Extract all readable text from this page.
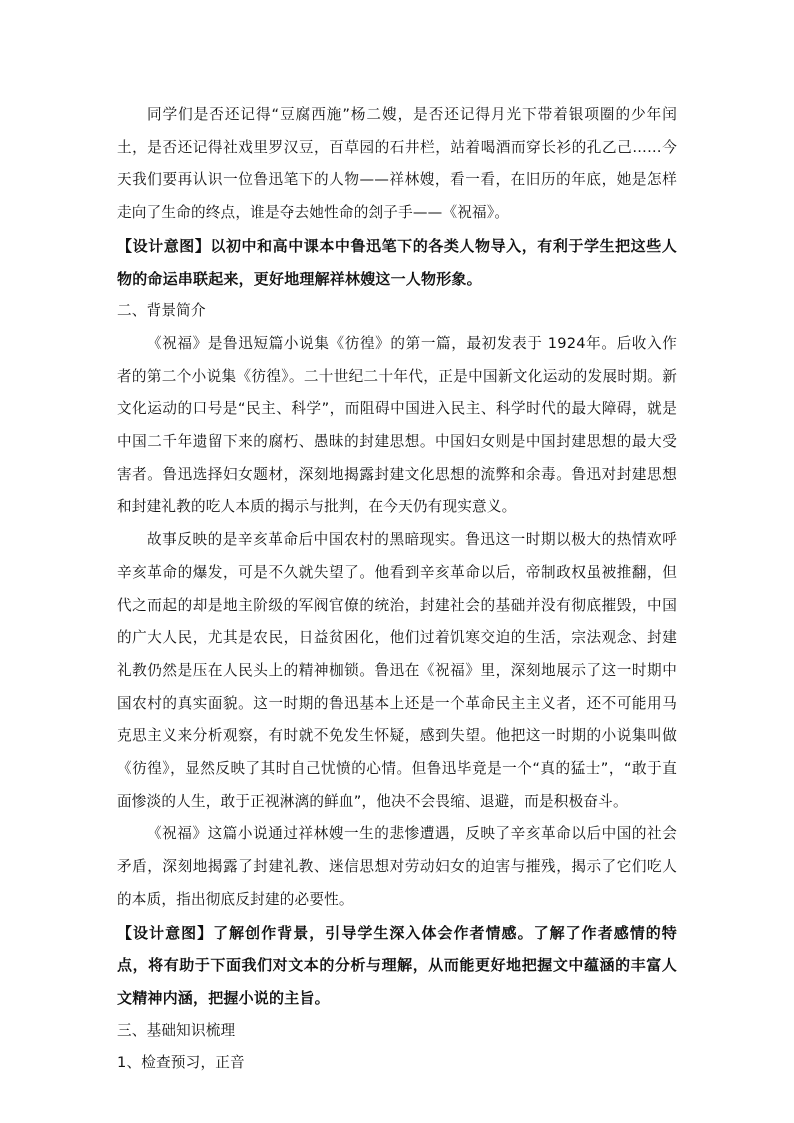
同学们是否还记得“豆腐西施”杨二嫂，是否还记得月光下带着银项圈的少年闰土，是否还记得社戏里罗汉豆，百草园的石井栏，站着喝酒而穿长衫的孔乙己……今天我们要再认识一位鲁迅笔下的人物——祥林嫂，看一看，在旧历的年底，她是怎样走向了生命的终点，谁是夺去她性命的刽子手——《祝福》。

【设计意图】以初中和高中课本中鲁迅笔下的各类人物导入，有利于学生把这些人物的命运串联起来，更好地理解祥林嫂这一人物形象。

二、背景简介

《祝福》是鲁迅短篇小说集《彷徨》的第一篇，最初发表于 1924年。后收入作者的第二个小说集《彷徨》。二十世纪二十年代，正是中国新文化运动的发展时期。新文化运动的口号是“民主、科学”，而阻碍中国进入民主、科学时代的最大障碍，就是中国二千年遗留下来的腐朽、愚昧的封建思想。中国妇女则是中国封建思想的最大受害者。鲁迅选择妇女题材，深刻地揭露封建文化思想的流弊和余毒。鲁迅对封建思想和封建礼教的吃人本质的揭示与批判，在今天仍有现实意义。

故事反映的是辛亥革命后中国农村的黑暗现实。鲁迅这一时期以极大的热情欢呼辛亥革命的爆发，可是不久就失望了。他看到辛亥革命以后，帝制政权虽被推翻，但代之而起的却是地主阶级的军阀官僚的统治，封建社会的基础并没有彻底摧毁，中国的广大人民，尤其是农民，日益贫困化，他们过着饥寒交迫的生活，宗法观念、封建礼教仍然是压在人民头上的精神枷锁。鲁迅在《祝福》里，深刻地展示了这一时期中国农村的真实面貌。这一时期的鲁迅基本上还是一个革命民主主义者，还不可能用马克思主义来分析观察，有时就不免发生怀疑，感到失望。他把这一时期的小说集叫做《彷徨》，显然反映了其时自己忧愤的心情。但鲁迅毕竟是一个“真的猛士”，“敢于直面惨淡的人生，敢于正视淋漓的鲜血”，他决不会畏缩、退避，而是积极奋斗。

《祝福》这篇小说通过祥林嫂一生的悲惨遭遇，反映了辛亥革命以后中国的社会矛盾，深刻地揭露了封建礼教、迷信思想对劳动妇女的迫害与摧残，揭示了它们吃人的本质，指出彻底反封建的必要性。

【设计意图】了解创作背景，引导学生深入体会作者情感。了解了作者感情的特点，将有助于下面我们对文本的分析与理解，从而能更好地把握文中蕴涵的丰富人文精神内涵，把握小说的主旨。

三、基础知识梳理

1、检查预习，正音
